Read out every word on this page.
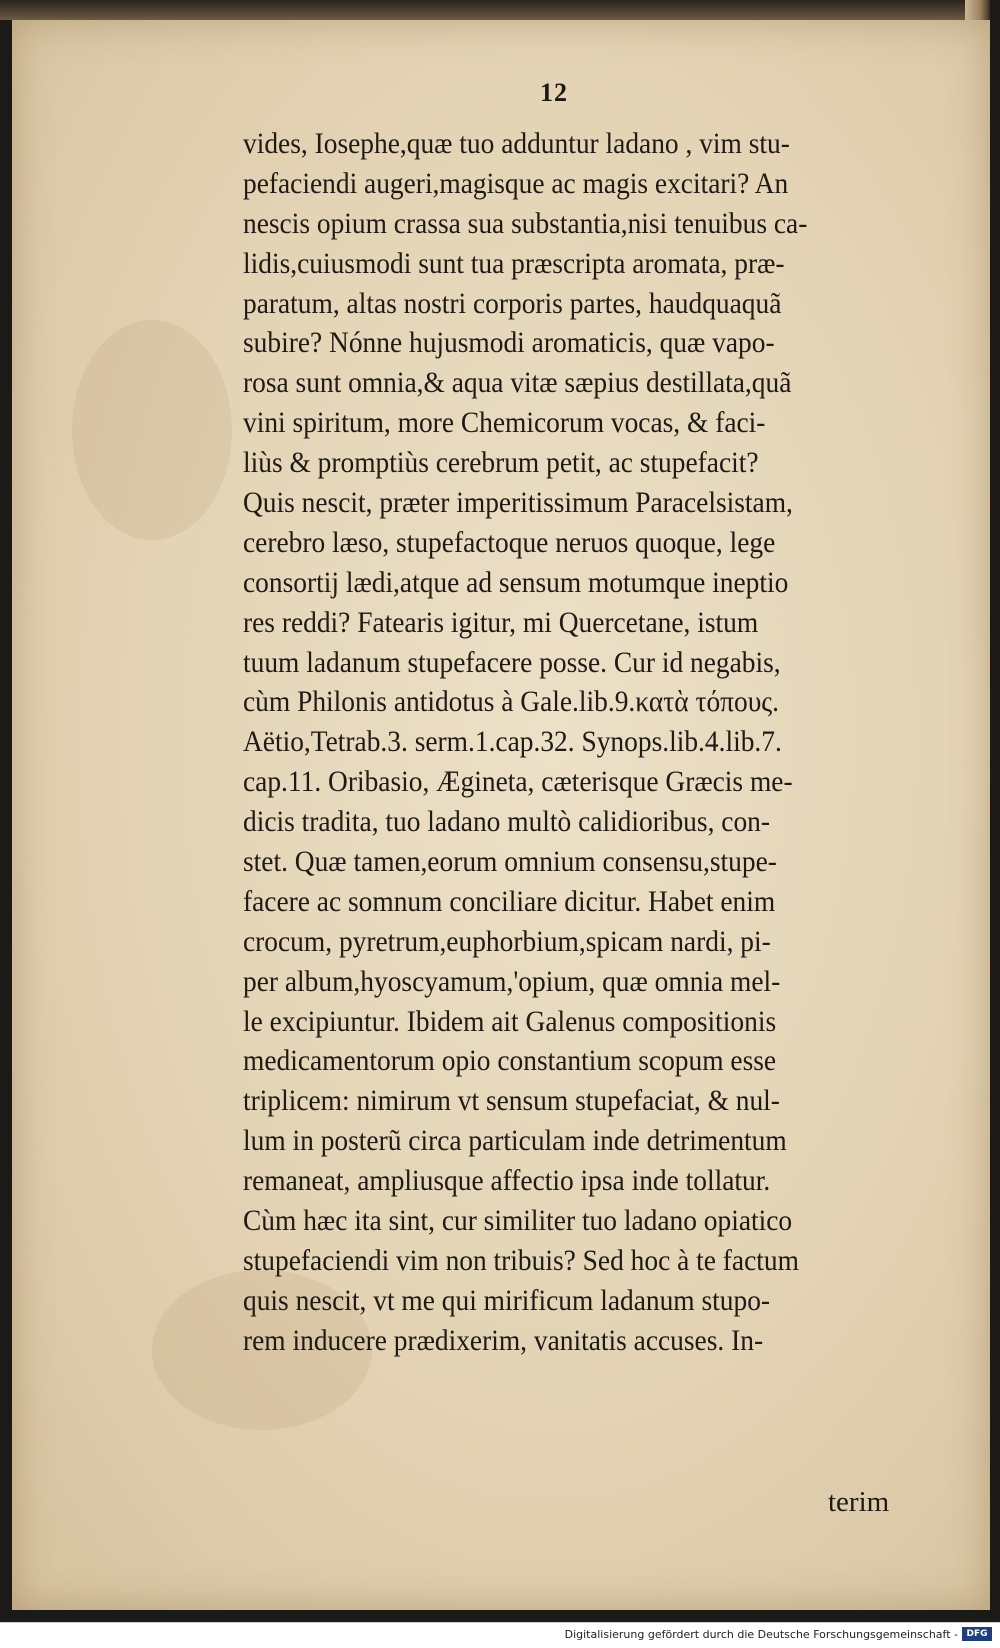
12
vides, Iosephe,quæ tuo adduntur ladano , vim stu-
pefaciendi augeri,magisque ac magis excitari? An
nescis opium crassa sua substantia,nisi tenuibus ca-
lidis,cuiusmodi sunt tua præscripta aromata, præ-
paratum, altas nostri corporis partes, haudquaquã
subire? Nónne hujusmodi aromaticis, quæ vapo-
rosa sunt omnia,& aqua vitæ sæpius destillata,quã
vini spiritum, more Chemicorum vocas, & faci-
liùs & promptiùs cerebrum petit, ac stupefacit?
Quis nescit, præter imperitissimum Paracelsistam,
cerebro læso, stupefactoque neruos quoque, lege
consortij lædi,atque ad sensum motumque ineptio
res reddi? Fatearis igitur, mi Quercetane, istum
tuum ladanum stupefacere posse. Cur id negabis,
cùm Philonis antidotus à Gale.lib.9.κατὰ τόπους.
Aëtio,Tetrab.3. serm.1.cap.32. Synops.lib.4.lib.7.
cap.11. Oribasio, Ægineta, cæterisque Græcis me-
dicis tradita, tuo ladano multò calidioribus, con-
stet. Quæ tamen,eorum omnium consensu,stupe-
facere ac somnum conciliare dicitur. Habet enim
crocum, pyretrum,euphorbium,spicam nardi, pi-
per album,hyoscyamum,'opium, quæ omnia mel-
le excipiuntur. Ibidem ait Galenus compositionis
medicamentorum opio constantium scopum esse
triplicem: nimirum vt sensum stupefaciat, & nul-
lum in posterũ circa particulam inde detrimentum
remaneat, ampliusque affectio ipsa inde tollatur.
Cùm hæc ita sint, cur similiter tuo ladano opiatico
stupefaciendi vim non tribuis? Sed hoc à te factum
quis nescit, vt me qui mirificum ladanum stupo-
rem inducere prædixerim, vanitatis accuses. In-
terim
Digitalisierung gefördert durch die Deutsche Forschungsgemeinschaft - DFG
